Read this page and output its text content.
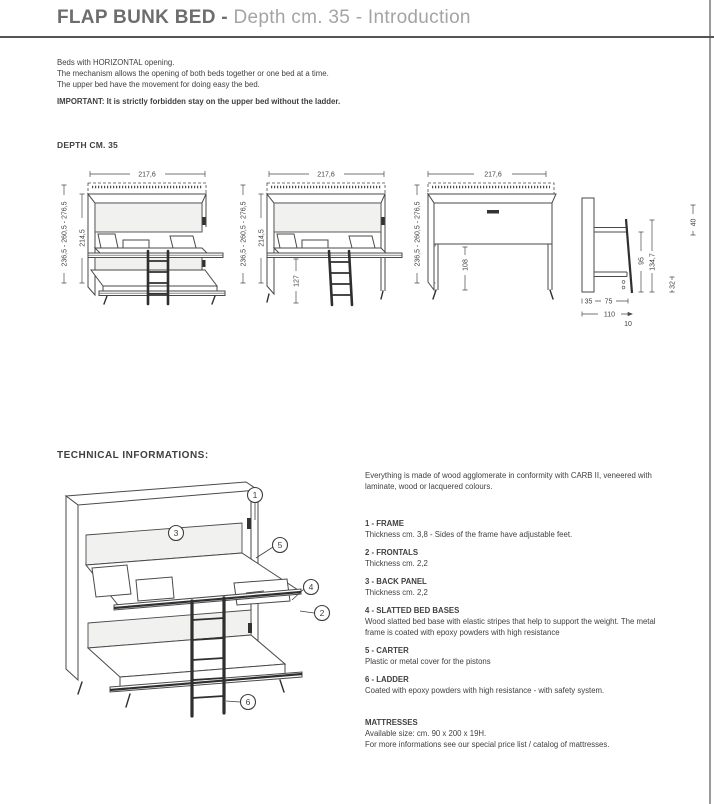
FLAP BUNK BED - Depth cm. 35 - Introduction

Beds with HORIZONTAL opening.

The mechanism allows the opening of both beds together or one bed at a time.

The upper bed have the movement for doing easy the bed.

IMPORTANT: It is strictly forbidden stay on the upper bed without the ladder.

DEPTH CM. 35
217,6
236,5 - 260,5 - 276,5 214,5
217,6
236,5 - 260,5 - 276,5 214,5
127
217,6
236,5 - 260,5 - 276,5	108
35 75
110
10
95 134,7
40
32
TECHNICAL INFORMATIONS:
1
3
5
4
2
6

Everything is made of wood agglomerate in conformity with CARB II, veneered with laminate, wood or lacquered colours.

1 - FRAME
Thickness cm. 3,8 - Sides of the frame have adjustable feet.
2 - FRONTALS
Thickness cm. 2,2
3 - BACK PANEL
Thickness cm. 2,2
4 - SLATTED BED BASES
Wood slatted bed base with elastic stripes that help to support the weight. The metal frame is coated with epoxy powders with high resistance
5 - CARTER
Plastic or metal cover for the pistons
6 - LADDER
Coated with epoxy powders with high resistance - with safety system.
MATTRESSES

Available size: cm. 90 x 200 x 19H.

For more informations see our special price list / catalog of mattresses.
